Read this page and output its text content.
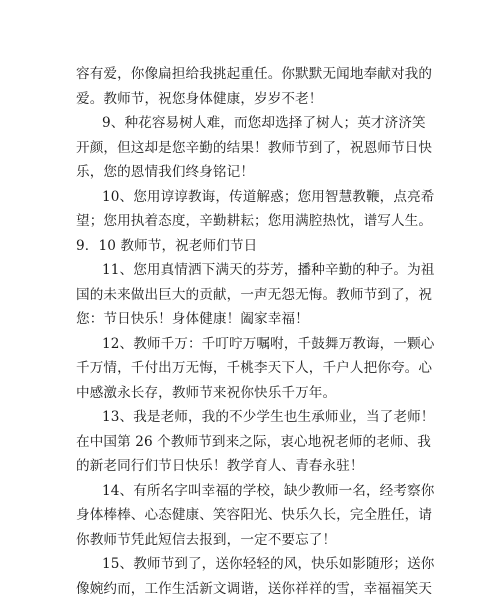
容有爱，你像扁担给我挑起重任。你默默无闻地奉献对我的
爱。教师节，祝您身体健康，岁岁不老！
9、种花容易树人难，而您却选择了树人；英才济济笑
开颜，但这却是您辛勤的结果！教师节到了，祝恩师节日快
乐，您的恩情我们终身铭记！
10、您用谆谆教诲，传道解惑；您用智慧教鞭，点亮希
望；您用执着态度，辛勤耕耘；您用满腔热忱，谱写人生。
9．10 教师节，祝老师们节日
11、您用真情洒下满天的芬芳，播种辛勤的种子。为祖
国的未来做出巨大的贡献，一声无怨无悔。教师节到了，祝
您：节日快乐！身体健康！阖家幸福！
12、教师千万：千叮咛万嘱咐，千鼓舞万教诲，一颗心
千万情，千付出万无悔，千桃李天下人，千户人把你夸。心
中感激永长存，教师节来祝你快乐千万年。
13、我是老师，我的不少学生也生承师业，当了老师！
在中国第 26 个教师节到来之际，衷心地祝老师的老师、我
的新老同行们节日快乐！教学育人、青春永驻！
14、有所名字叫幸福的学校，缺少教师一名，经考察你
身体棒棒、心态健康、笑容阳光、快乐久长，完全胜任，请
你教师节凭此短信去报到，一定不要忘了！
15、教师节到了，送你轻轻的风，快乐如影随形；送你
像婉约而，工作生活新文调谐，送你祥祥的雪，幸福福笑天
